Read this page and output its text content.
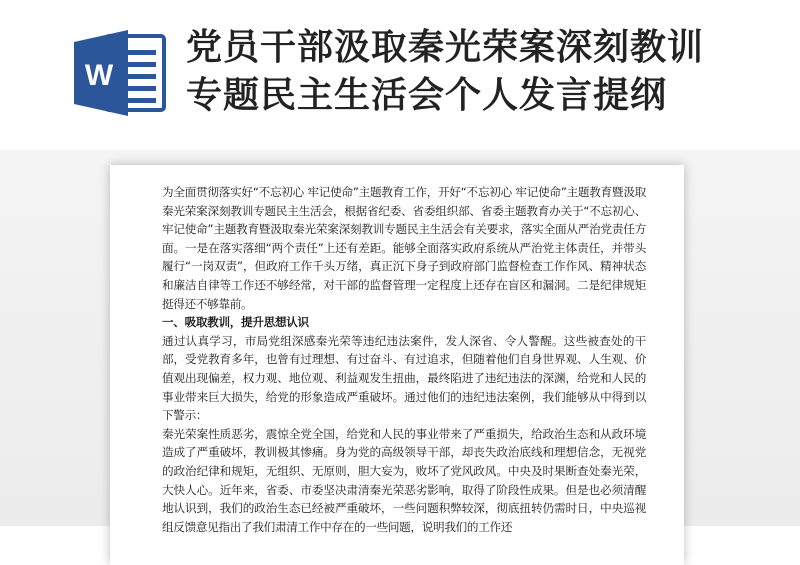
W
党员干部汲取秦光荣案深刻教训
专题民主生活会个人发言提纲

为全面贯彻落实好“不忘初心 牢记使命”主题教育工作，开好“不忘初心 牢记使命”主题教育暨汲取秦光荣案深刻教训专题民主生活会，根据省纪委、省委组织部、省委主题教育办关于“不忘初心、牢记使命”主题教育暨汲取秦光荣案深刻教训专题民主生活会有关要求，落实全面从严治党责任方面。一是在落实落细“两个责任”上还有差距。能够全面落实政府系统从严治党主体责任，并带头履行“一岗双责”，但政府工作千头万绪，真正沉下身子到政府部门监督检查工作作风、精神状态和廉洁自律等工作还不够经常，对干部的监督管理一定程度上还存在盲区和漏洞。二是纪律规矩挺得还不够靠前。

一、吸取教训，提升思想认识

通过认真学习，市局党组深感秦光荣等违纪违法案件，发人深省、令人警醒。这些被查处的干部，受党教育多年，也曾有过理想、有过奋斗、有过追求，但随着他们自身世界观、人生观、价值观出现偏差，权力观、地位观、利益观发生扭曲，最终陷进了违纪违法的深渊，给党和人民的事业带来巨大损失，给党的形象造成严重破坏。通过他们的违纪违法案例，我们能够从中得到以下警示：

秦光荣案性质恶劣，震惊全党全国，给党和人民的事业带来了严重损失，给政治生态和从政环境造成了严重破坏，教训极其惨痛。身为党的高级领导干部，却丧失政治底线和理想信念，无视党的政治纪律和规矩，无组织、无原则，胆大妄为，败坏了党风政风。中央及时果断查处秦光荣，大快人心。近年来，省委、市委坚决肃清秦光荣恶劣影响，取得了阶段性成果。但是也必须清醒地认识到，我们的政治生态已经被严重破坏，一些问题积弊较深，彻底扭转仍需时日，中央巡视组反馈意见指出了我们肃清工作中存在的一些问题，说明我们的工作还
